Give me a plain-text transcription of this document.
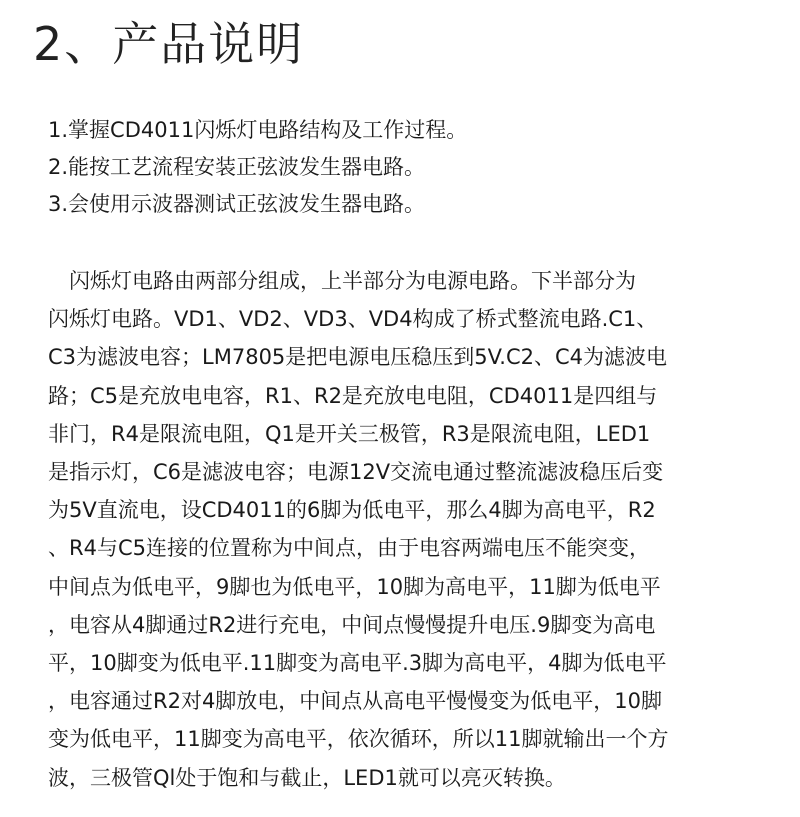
2、产品说明
1.掌握CD4011闪烁灯电路结构及工作过程。
2.能按工艺流程安装正弦波发生器电路。
3.会使用示波器测试正弦波发生器电路。
　闪烁灯电路由两部分组成，上半部分为电源电路。下半部分为
闪烁灯电路。VD1、VD2、VD3、VD4构成了桥式整流电路.C1、
C3为滤波电容；LM7805是把电源电压稳压到5V.C2、C4为滤波电
路；C5是充放电电容，R1、R2是充放电电阻，CD4011是四组与
非门，R4是限流电阻，Q1是开关三极管，R3是限流电阻，LED1
是指示灯，C6是滤波电容；电源12V交流电通过整流滤波稳压后变
为5V直流电，设CD4011的6脚为低电平，那么4脚为高电平，R2
、R4与C5连接的位置称为中间点，由于电容两端电压不能突变，
中间点为低电平，9脚也为低电平，10脚为高电平，11脚为低电平
，电容从4脚通过R2进行充电，中间点慢慢提升电压.9脚变为高电
平，10脚变为低电平.11脚变为高电平.3脚为高电平，4脚为低电平
，电容通过R2对4脚放电，中间点从高电平慢慢变为低电平，10脚
变为低电平，11脚变为高电平，依次循环，所以11脚就输出一个方
波，三极管Ql处于饱和与截止，LED1就可以亮灭转换。
